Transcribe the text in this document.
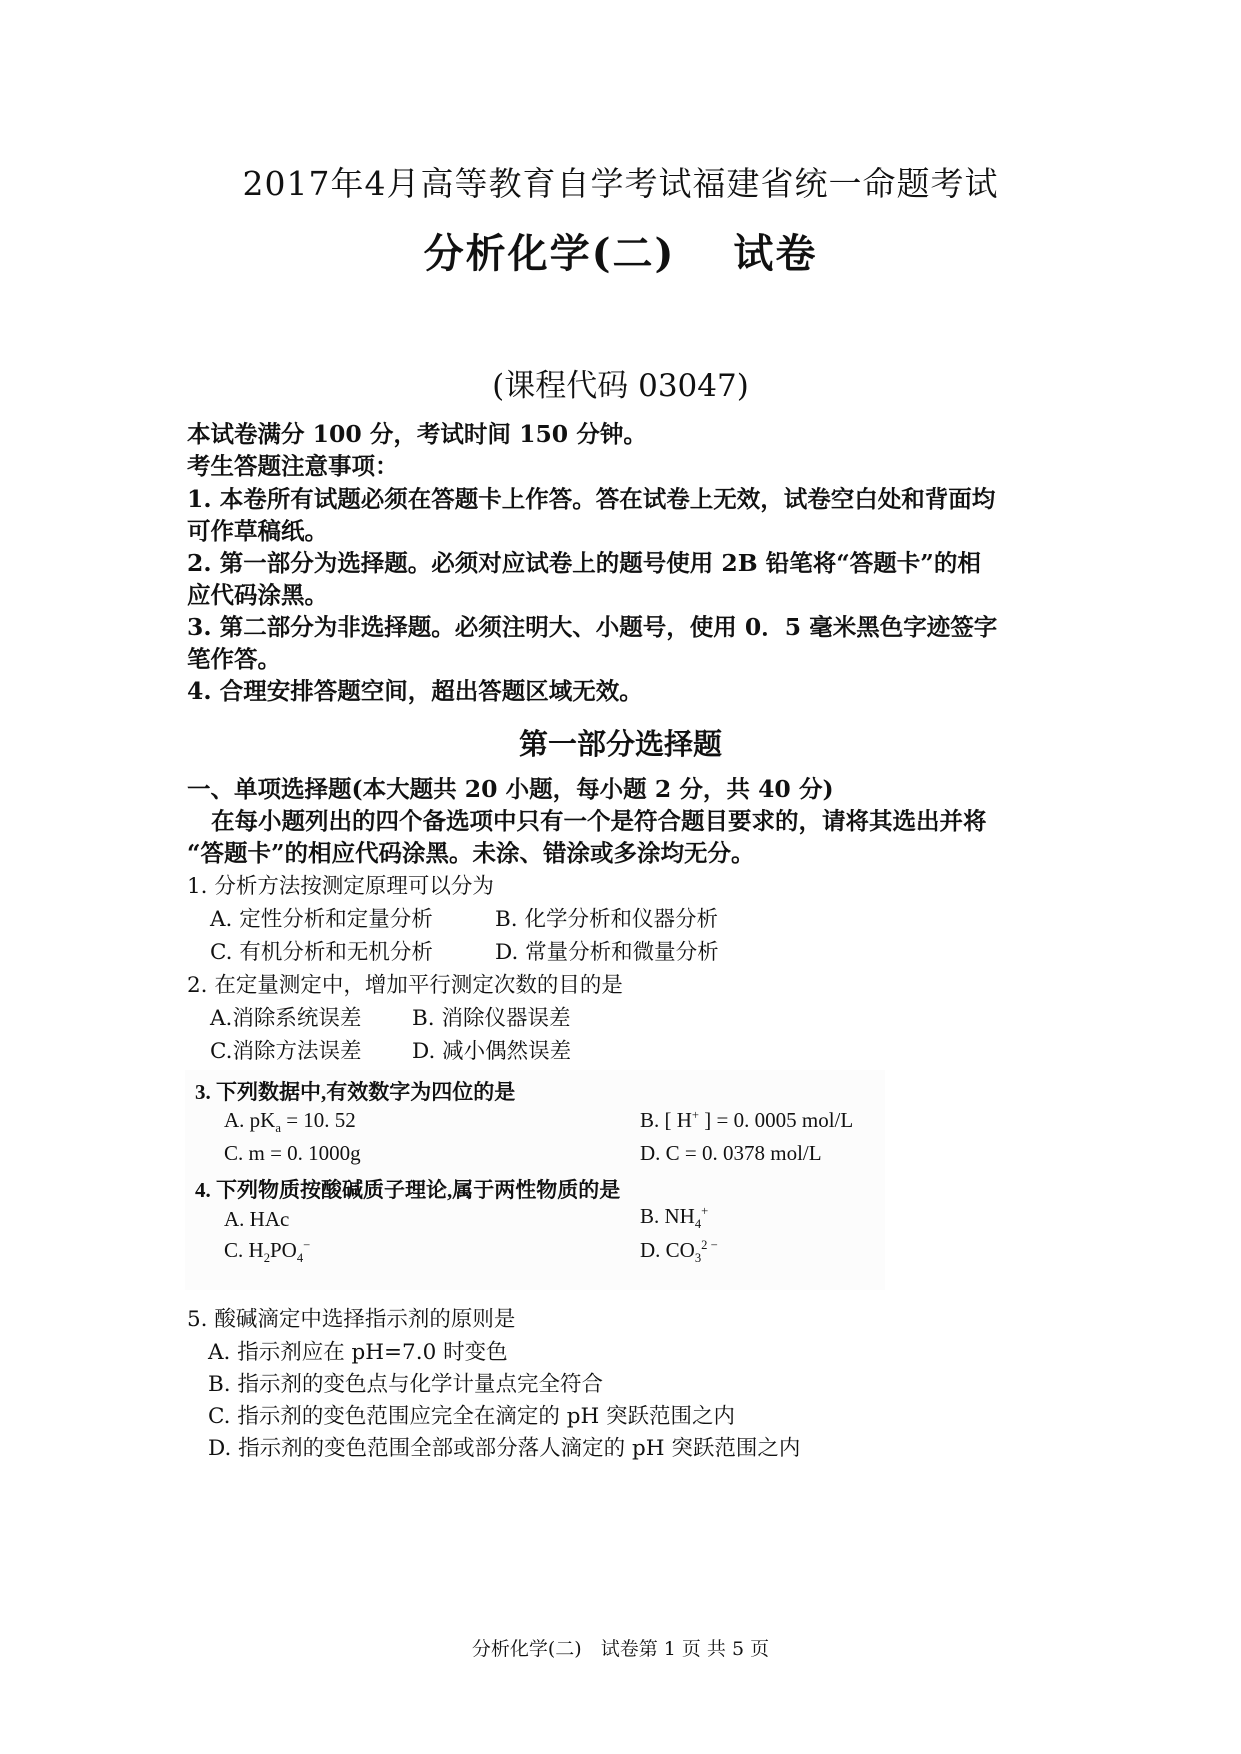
2017年4月高等教育自学考试福建省统一命题考试
分析化学(二)　 试卷
(课程代码 03047)
本试卷满分 100 分，考试时间 150 分钟。
考生答题注意事项：
1. 本卷所有试题必须在答题卡上作答。答在试卷上无效，试卷空白处和背面均
可作草稿纸。
2. 第一部分为选择题。必须对应试卷上的题号使用 2B 铅笔将“答题卡”的相
应代码涂黑。
3. 第二部分为非选择题。必须注明大、小题号，使用 0．5 毫米黑色字迹签字
笔作答。
4. 合理安排答题空间，超出答题区域无效。
第一部分选择题
一、单项选择题(本大题共 20 小题，每小题 2 分，共 40 分)
在每小题列出的四个备选项中只有一个是符合题目要求的，请将其选出并将
“答题卡”的相应代码涂黑。未涂、错涂或多涂均无分。
1. 分析方法按测定原理可以分为
A. 定性分析和定量分析	B. 化学分析和仪器分析
C. 有机分析和无机分析	D. 常量分析和微量分析
2. 在定量测定中，增加平行测定次数的目的是
A.消除系统误差 B. 消除仪器误差
C.消除方法误差 D. 减小偶然误差
3. 下列数据中,有效数字为四位的是
A. $pK_a = 10$. 52	B. [ H+ ] = 0. 0005 mol/L
C. m = 0. 1000g	D. C = 0. 0378 mol/L
4. 下列物质按酸碱质子理论,属于两性物质的是
A. HAc	B. $NH_4^+$
C. $H_2PO_4^-$	D. $CO_3^{2 -}$
5. 酸碱滴定中选择指示剂的原则是
A. 指示剂应在 pH=7.0 时变色
B. 指示剂的变色点与化学计量点完全符合
C. 指示剂的变色范围应完全在滴定的 pH 突跃范围之内
D. 指示剂的变色范围全部或部分落人滴定的 pH 突跃范围之内
分析化学(二)　试卷第 1 页 共 5 页
